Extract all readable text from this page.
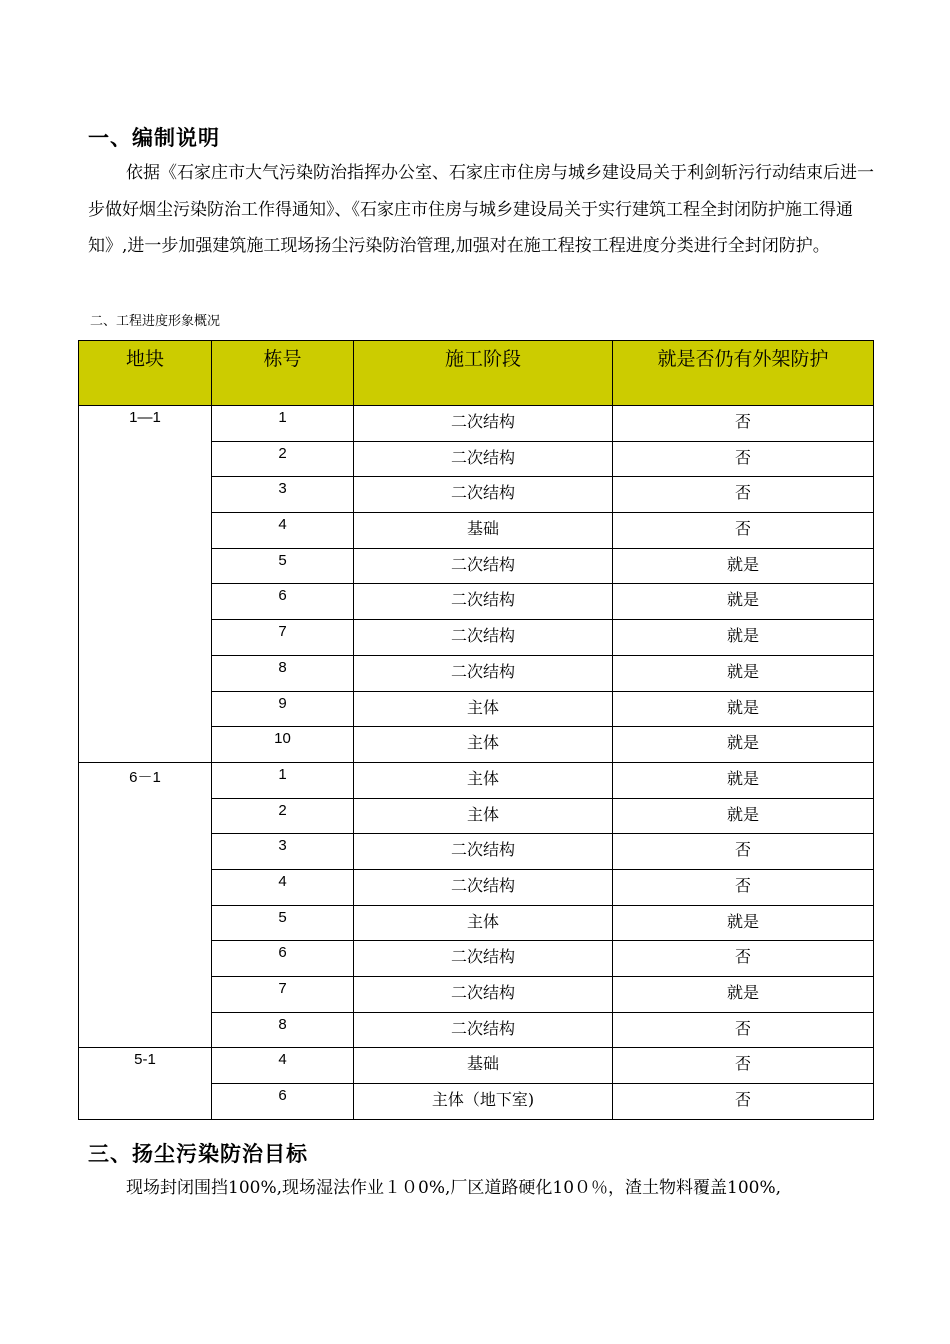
一、编制说明
依据《石家庄市大气污染防治指挥办公室、石家庄市住房与城乡建设局关于利剑斩污行动结束后进一步做好烟尘污染防治工作得通知》、《石家庄市住房与城乡建设局关于实行建筑工程全封闭防护施工得通知》,进一步加强建筑施工现场扬尘污染防治管理,加强对在施工程按工程进度分类进行全封闭防护。
二、工程进度形象概况
地块	栋号	施工阶段	就是否仍有外架防护
1—1	1	二次结构	否
	2	二次结构	否
	3	二次结构	否
	4	基础	否
	5	二次结构	就是
	6	二次结构	就是
	7	二次结构	就是
	8	二次结构	就是
	9	主体	就是
	10	主体	就是
6－1	1	主体	就是
	2	主体	就是
	3	二次结构	否
	4	二次结构	否
	5	主体	就是
	6	二次结构	否
	7	二次结构	就是
	8	二次结构	否
5-1	4	基础	否
	6	主体（地下室)	否
三、扬尘污染防治目标
现场封闭围挡100%,现场湿法作业１０0%,厂区道路硬化10０％，渣土物料覆盖100%,
